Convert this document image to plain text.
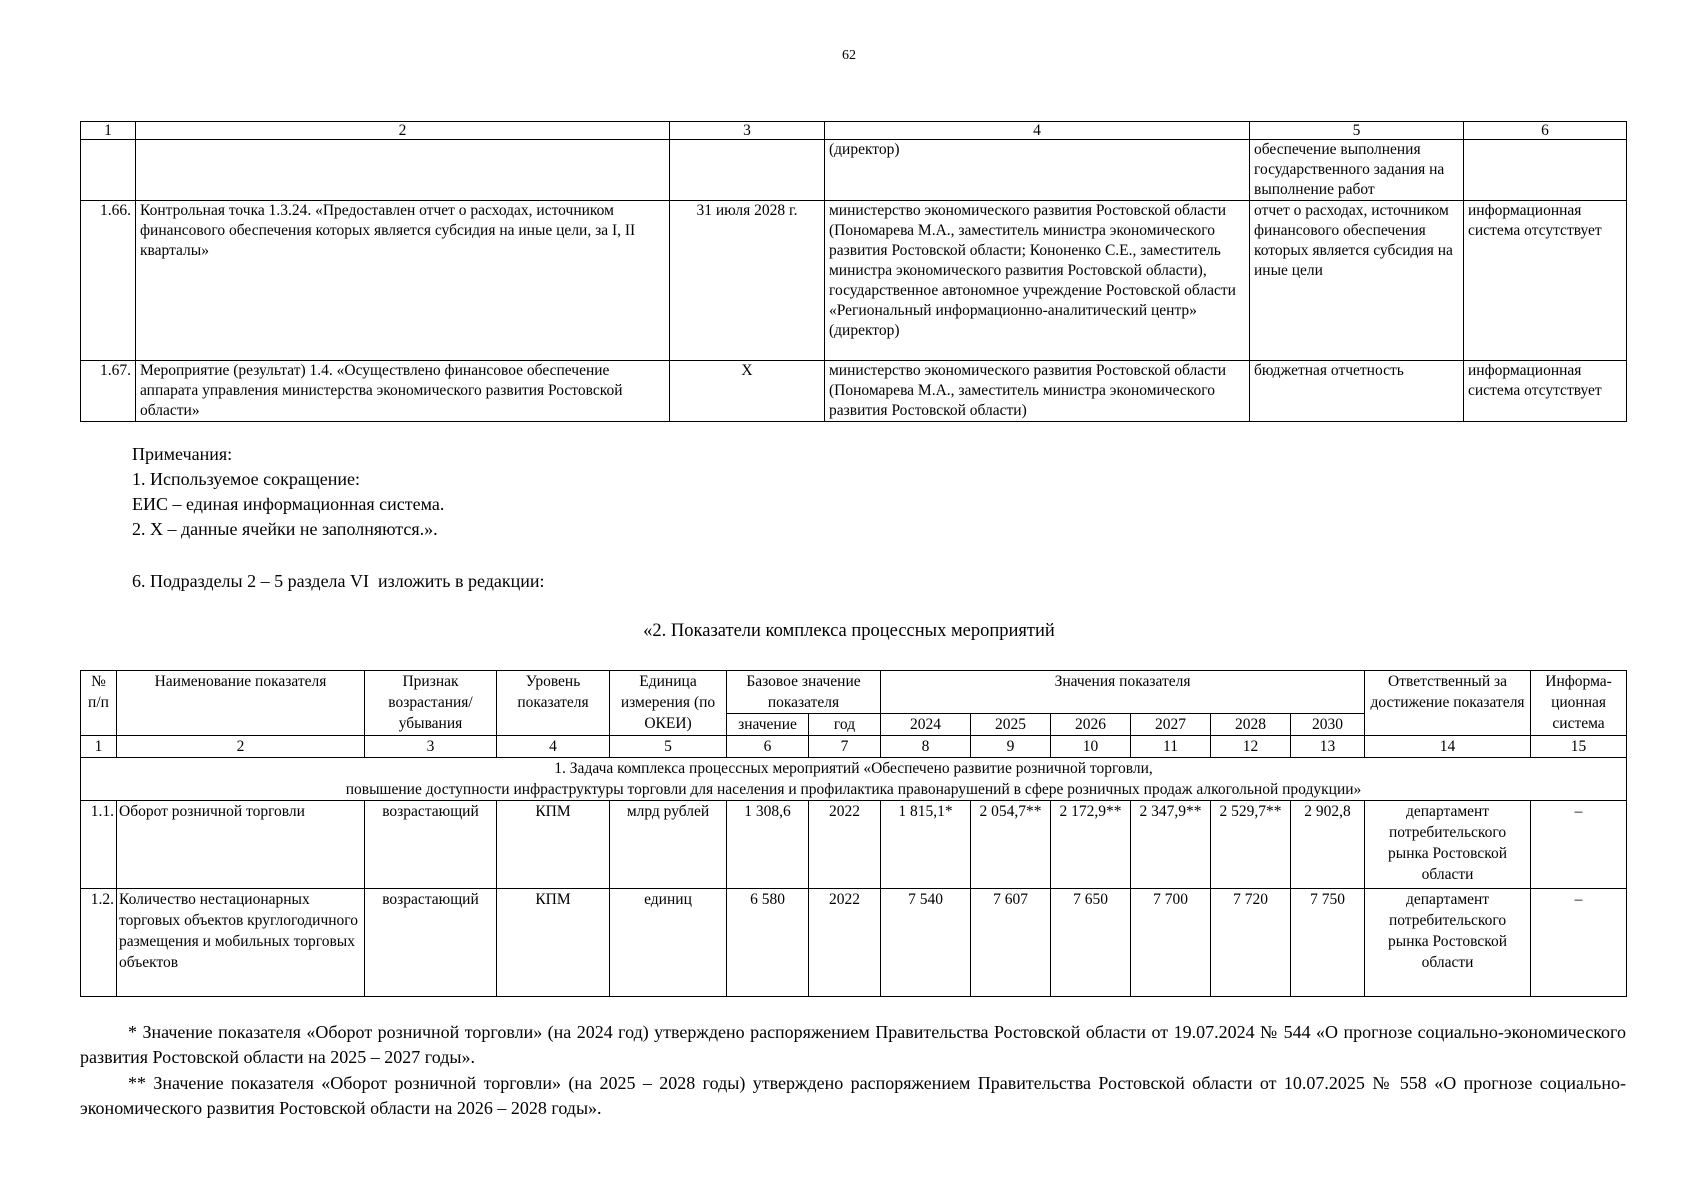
62
1	2	3	4	5	6
			(директор)	обеспечение выполнения государственного задания на выполнение работ	
1.66.	Контрольная точка 1.3.24. «Предоставлен отчет о расходах, источником финансового обеспечения которых является субсидия на иные цели, за I, II кварталы»	31 июля 2028 г.	министерство экономического развития Ростовской области (Пономарева М.А., заместитель министра экономического развития Ростовской области; Кононенко С.Е., заместитель министра экономического развития Ростовской области), государственное автономное учреждение Ростовской области «Региональный информационно-аналитический центр» (директор)	отчет о расходах, источником финансового обеспечения которых является субсидия на иные цели	информационная система отсутствует
1.67.	Мероприятие (результат) 1.4. «Осуществлено финансовое обеспечение аппарата управления министерства экономического развития Ростовской области»	Х	министерство экономического развития Ростовской области (Пономарева М.А., заместитель министра экономического развития Ростовской области)	бюджетная отчетность	информационная система отсутствует
Примечания:
1. Используемое сокращение:
ЕИС – единая информационная система.
2. Х – данные ячейки не заполняются.».
6. Подразделы 2 – 5 раздела VI  изложить в редакции:
«2. Показатели комплекса процессных мероприятий
№ п/п	Наименование показателя	Признак возрастания/ убывания	Уровень показателя	Единица измерения (по ОКЕИ)	Базовое значение показателя		Значения показателя						Ответственный за достижение показателя	Информа-ционная система
					значение	год	2024	2025	2026	2027	2028	2030		
1	2	3	4	5	6	7	8	9	10	11	12	13	14	15

1. Задача комплекса процессных мероприятий «Обеспечено развитие розничной торговли,
повышение доступности инфраструктуры торговли для населения и профилактика правонарушений в сфере розничных продаж алкогольной продукции»														

1.1.	Оборот розничной торговли	возрастающий	КПМ	млрд рублей	1 308,6	2022	1 815,1*	2 054,7**	2 172,9**	2 347,9**	2 529,7**	2 902,8	департамент потребительского рынка Ростовской области	–
1.2.	Количество нестационарных торговых объектов круглогодичного размещения и мобильных торговых объектов	возрастающий	КПМ	единиц	6 580	2022	7 540	7 607	7 650	7 700	7 720	7 750	департамент потребительского рынка Ростовской области	–

* Значение показателя «Оборот розничной торговли» (на 2024 год) утверждено распоряжением Правительства Ростовской области от 19.07.2024 № 544 «О прогнозе социально-экономического развития Ростовской области на 2025 – 2027 годы».

** Значение показателя «Оборот розничной торговли» (на 2025 – 2028 годы) утверждено распоряжением Правительства Ростовской области от 10.07.2025 № 558 «О прогнозе социально-экономического развития Ростовской области на 2026 – 2028 годы».
